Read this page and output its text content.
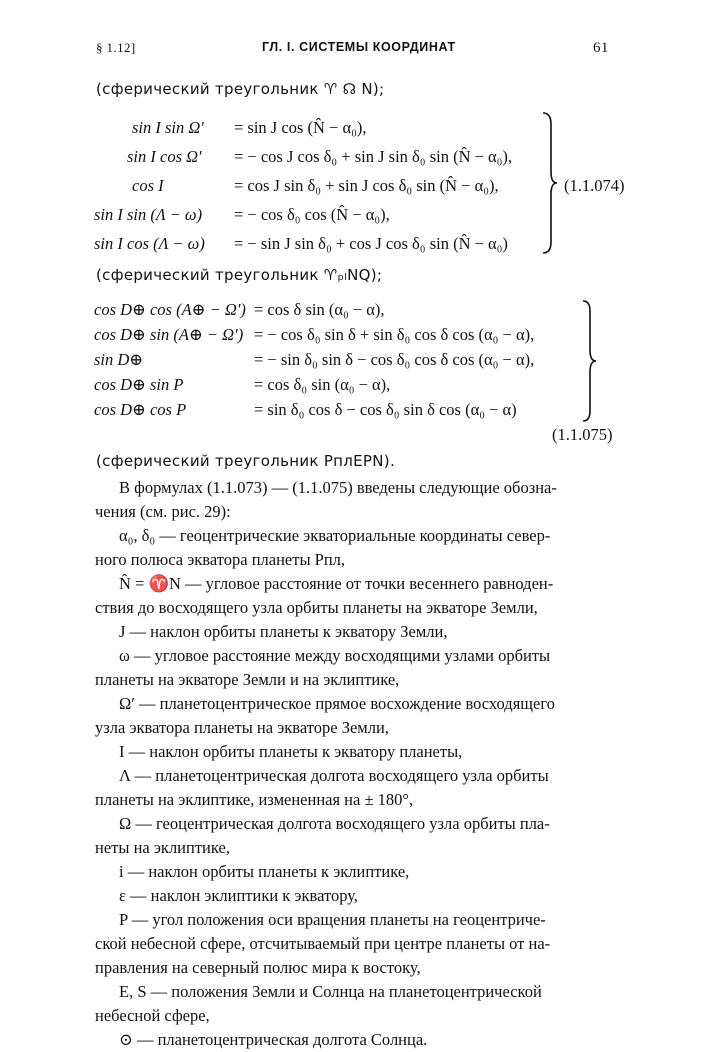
§ 1.12]	ГЛ. I. СИСТЕМЫ КООРДИНАТ	61
(сферический треугольник ♈ ☊ N);
sin I sin Ω′ = sin J cos (N̂ − α₀),
sin I cos Ω′ = − cos J cos δ₀ + sin J sin δ₀ sin (N̂ − α₀),
cos I	= cos J sin δ₀ + sin J cos δ₀ sin (N̂ − α₀),
sin I sin (Λ − ω) = − cos δ₀ cos (N̂ − α₀),
sin I cos (Λ − ω) = − sin J sin δ₀ + cos J cos δ₀ sin (N̂ − α₀)
(1.1.074)
(сферический треугольник ♈ₚₗNQ);
cos D⊕ cos (A⊕ − Ω′) = cos δ sin (α₀ − α),
cos D⊕ sin (A⊕ − Ω′) = − cos δ₀ sin δ + sin δ₀ cos δ cos (α₀ − α),
sin D⊕	= − sin δ₀ sin δ − cos δ₀ cos δ cos (α₀ − α),
cos D⊕ sin P	= cos δ₀ sin (α₀ − α),
cos D⊕ cos P	= sin δ₀ cos δ − cos δ₀ sin δ cos (α₀ − α)
(1.1.075)
(сферический треугольник PплEPN).
В формулах (1.1.073) — (1.1.075) введены следующие обозна-
чения (см. рис. 29):
α₀, δ₀ — геоцентрические экваториальные координаты север-
ного полюса экватора планеты Pпл,
N̂ = ♈N — угловое расстояние от точки весеннего равноден-
ствия до восходящего узла орбиты планеты на экваторе Земли,
J — наклон орбиты планеты к экватору Земли,
ω — угловое расстояние между восходящими узлами орбиты
планеты на экваторе Земли и на эклиптике,
Ω′ — планетоцентрическое прямое восхождение восходящего
узла экватора планеты на экваторе Земли,
I — наклон орбиты планеты к экватору планеты,
Λ — планетоцентрическая долгота восходящего узла орбиты
планеты на эклиптике, измененная на ± 180°,
Ω — геоцентрическая долгота восходящего узла орбиты пла-
неты на эклиптике,
i — наклон орбиты планеты к эклиптике,
ε — наклон эклиптики к экватору,
P — угол положения оси вращения планеты на геоцентриче-
ской небесной сфере, отсчитываемый при центре планеты от на-
правления на северный полюс мира к востоку,
E, S — положения Земли и Солнца на планетоцентрической
небесной сфере,
⊙ — планетоцентрическая долгота Солнца.
